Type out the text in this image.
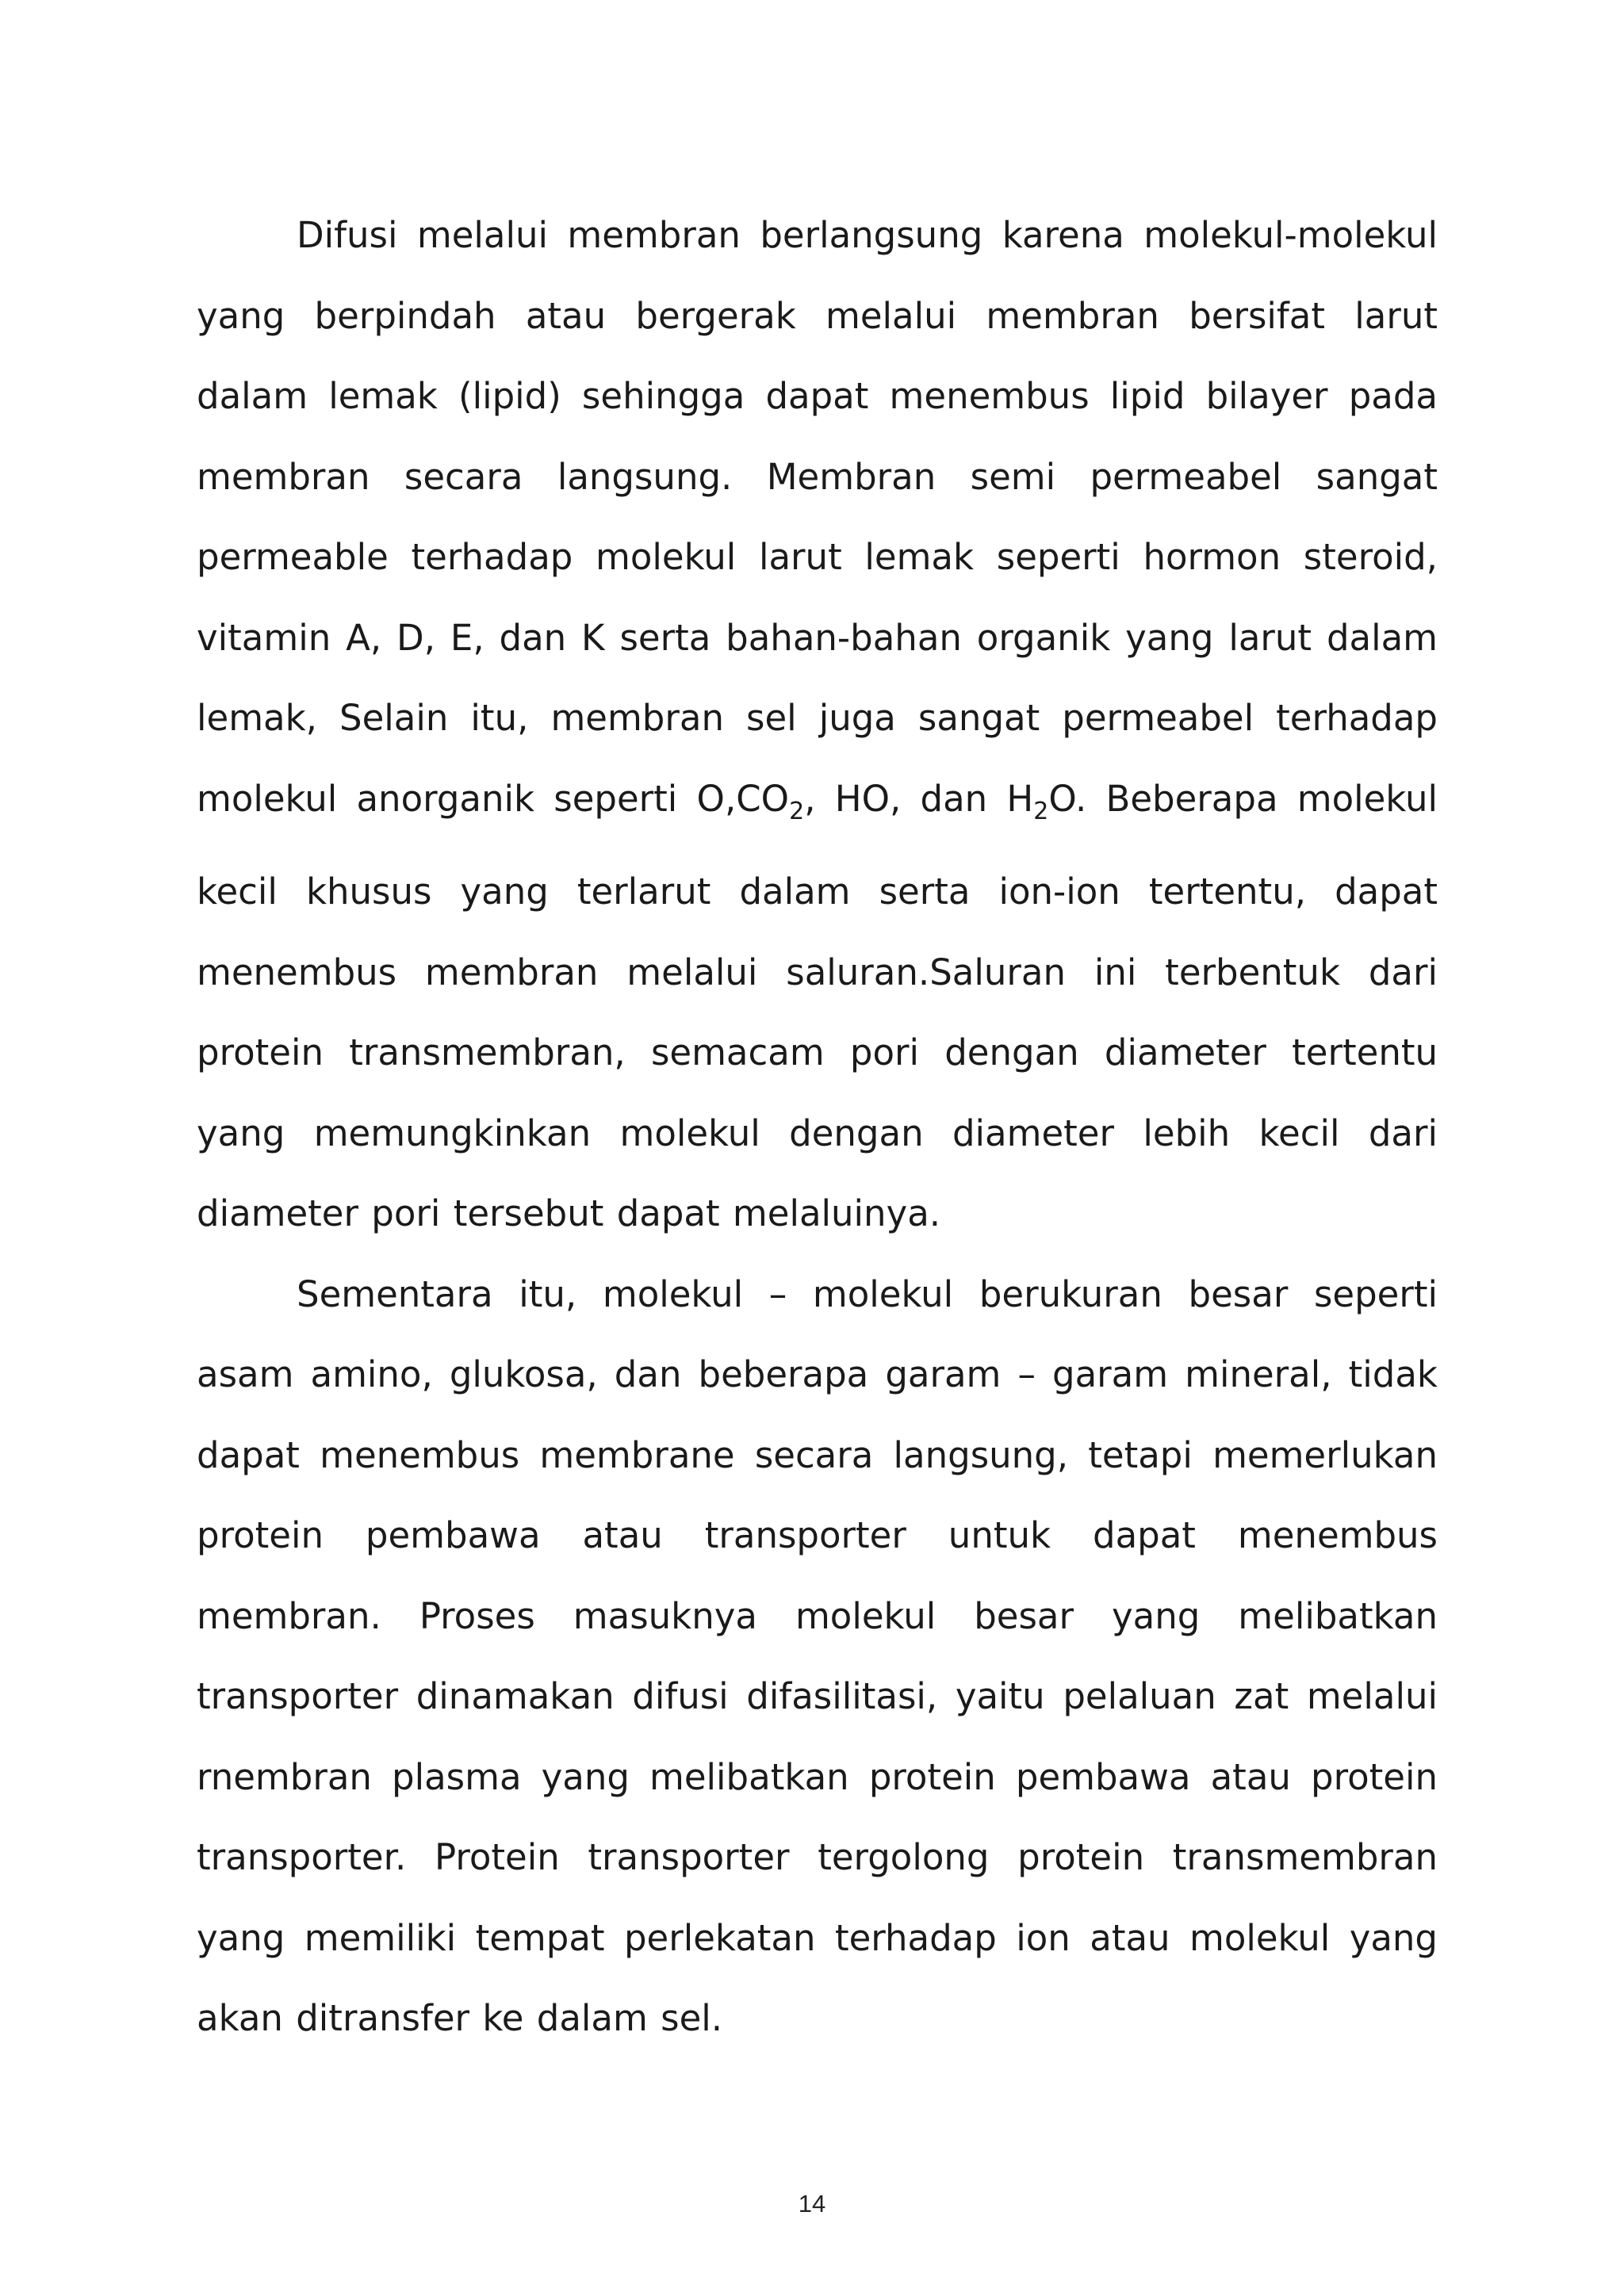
Difusi melalui membran berlangsung karena molekul-molekul yang berpindah atau bergerak melalui membran bersifat larut dalam lemak (lipid) sehingga dapat menembus lipid bilayer pada membran secara langsung. Membran semi permeabel sangat permeable terhadap molekul larut lemak seperti hormon steroid, vitamin A, D, E, dan K serta bahan-bahan organik yang larut dalam lemak, Selain itu, membran sel juga sangat permeabel terhadap molekul anorganik seperti $O,CO_2$, HO, dan $H_2O$. Beberapa molekul kecil khusus yang terlarut dalam serta ion-ion tertentu, dapat menembus membran melalui saluran.Saluran ini terbentuk dari protein transmembran, semacam pori dengan diameter tertentu yang memungkinkan molekul dengan diameter lebih kecil dari diameter pori tersebut dapat melaluinya.

Sementara itu, molekul – molekul berukuran besar seperti asam amino, glukosa, dan beberapa garam – garam mineral, tidak dapat menembus membrane secara langsung, tetapi memerlukan protein pembawa atau transporter untuk dapat menembus membran. Proses masuknya molekul besar yang melibatkan transporter dinamakan difusi difasilitasi, yaitu pelaluan zat melalui rnembran plasma yang melibatkan protein pembawa atau protein transporter. Protein transporter tergolong protein transmembran yang memiliki tempat perlekatan terhadap ion atau molekul yang akan ditransfer ke dalam sel.

14
